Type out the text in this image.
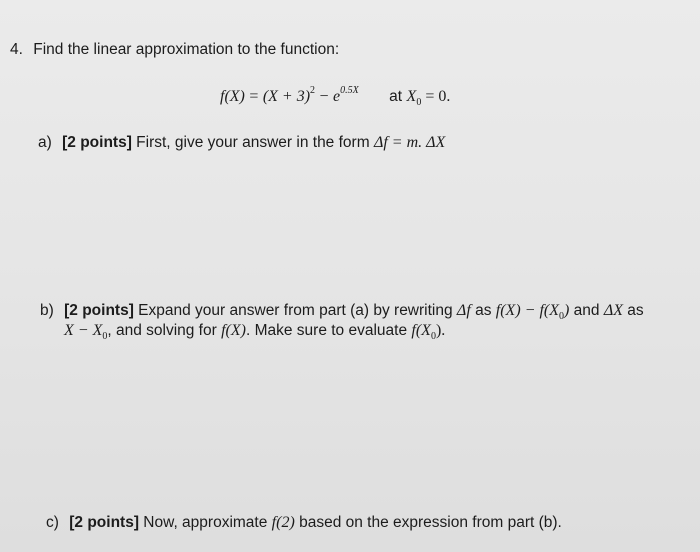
4. Find the linear approximation to the function:
$f(X) = (X + 3)^2 - e^{0.5X}$ at $X_0 = 0$.
a) [2 points] First, give your answer in the form Δf = m. ΔX
b) [2 points] Expand your answer from part (a) by rewriting Δf as $f(X) - f(X_0)$ and ΔX as
$X - X_0$, and solving for f(X). Make sure to evaluate $f(X_0)$.
c) [2 points] Now, approximate f(2) based on the expression from part (b).
